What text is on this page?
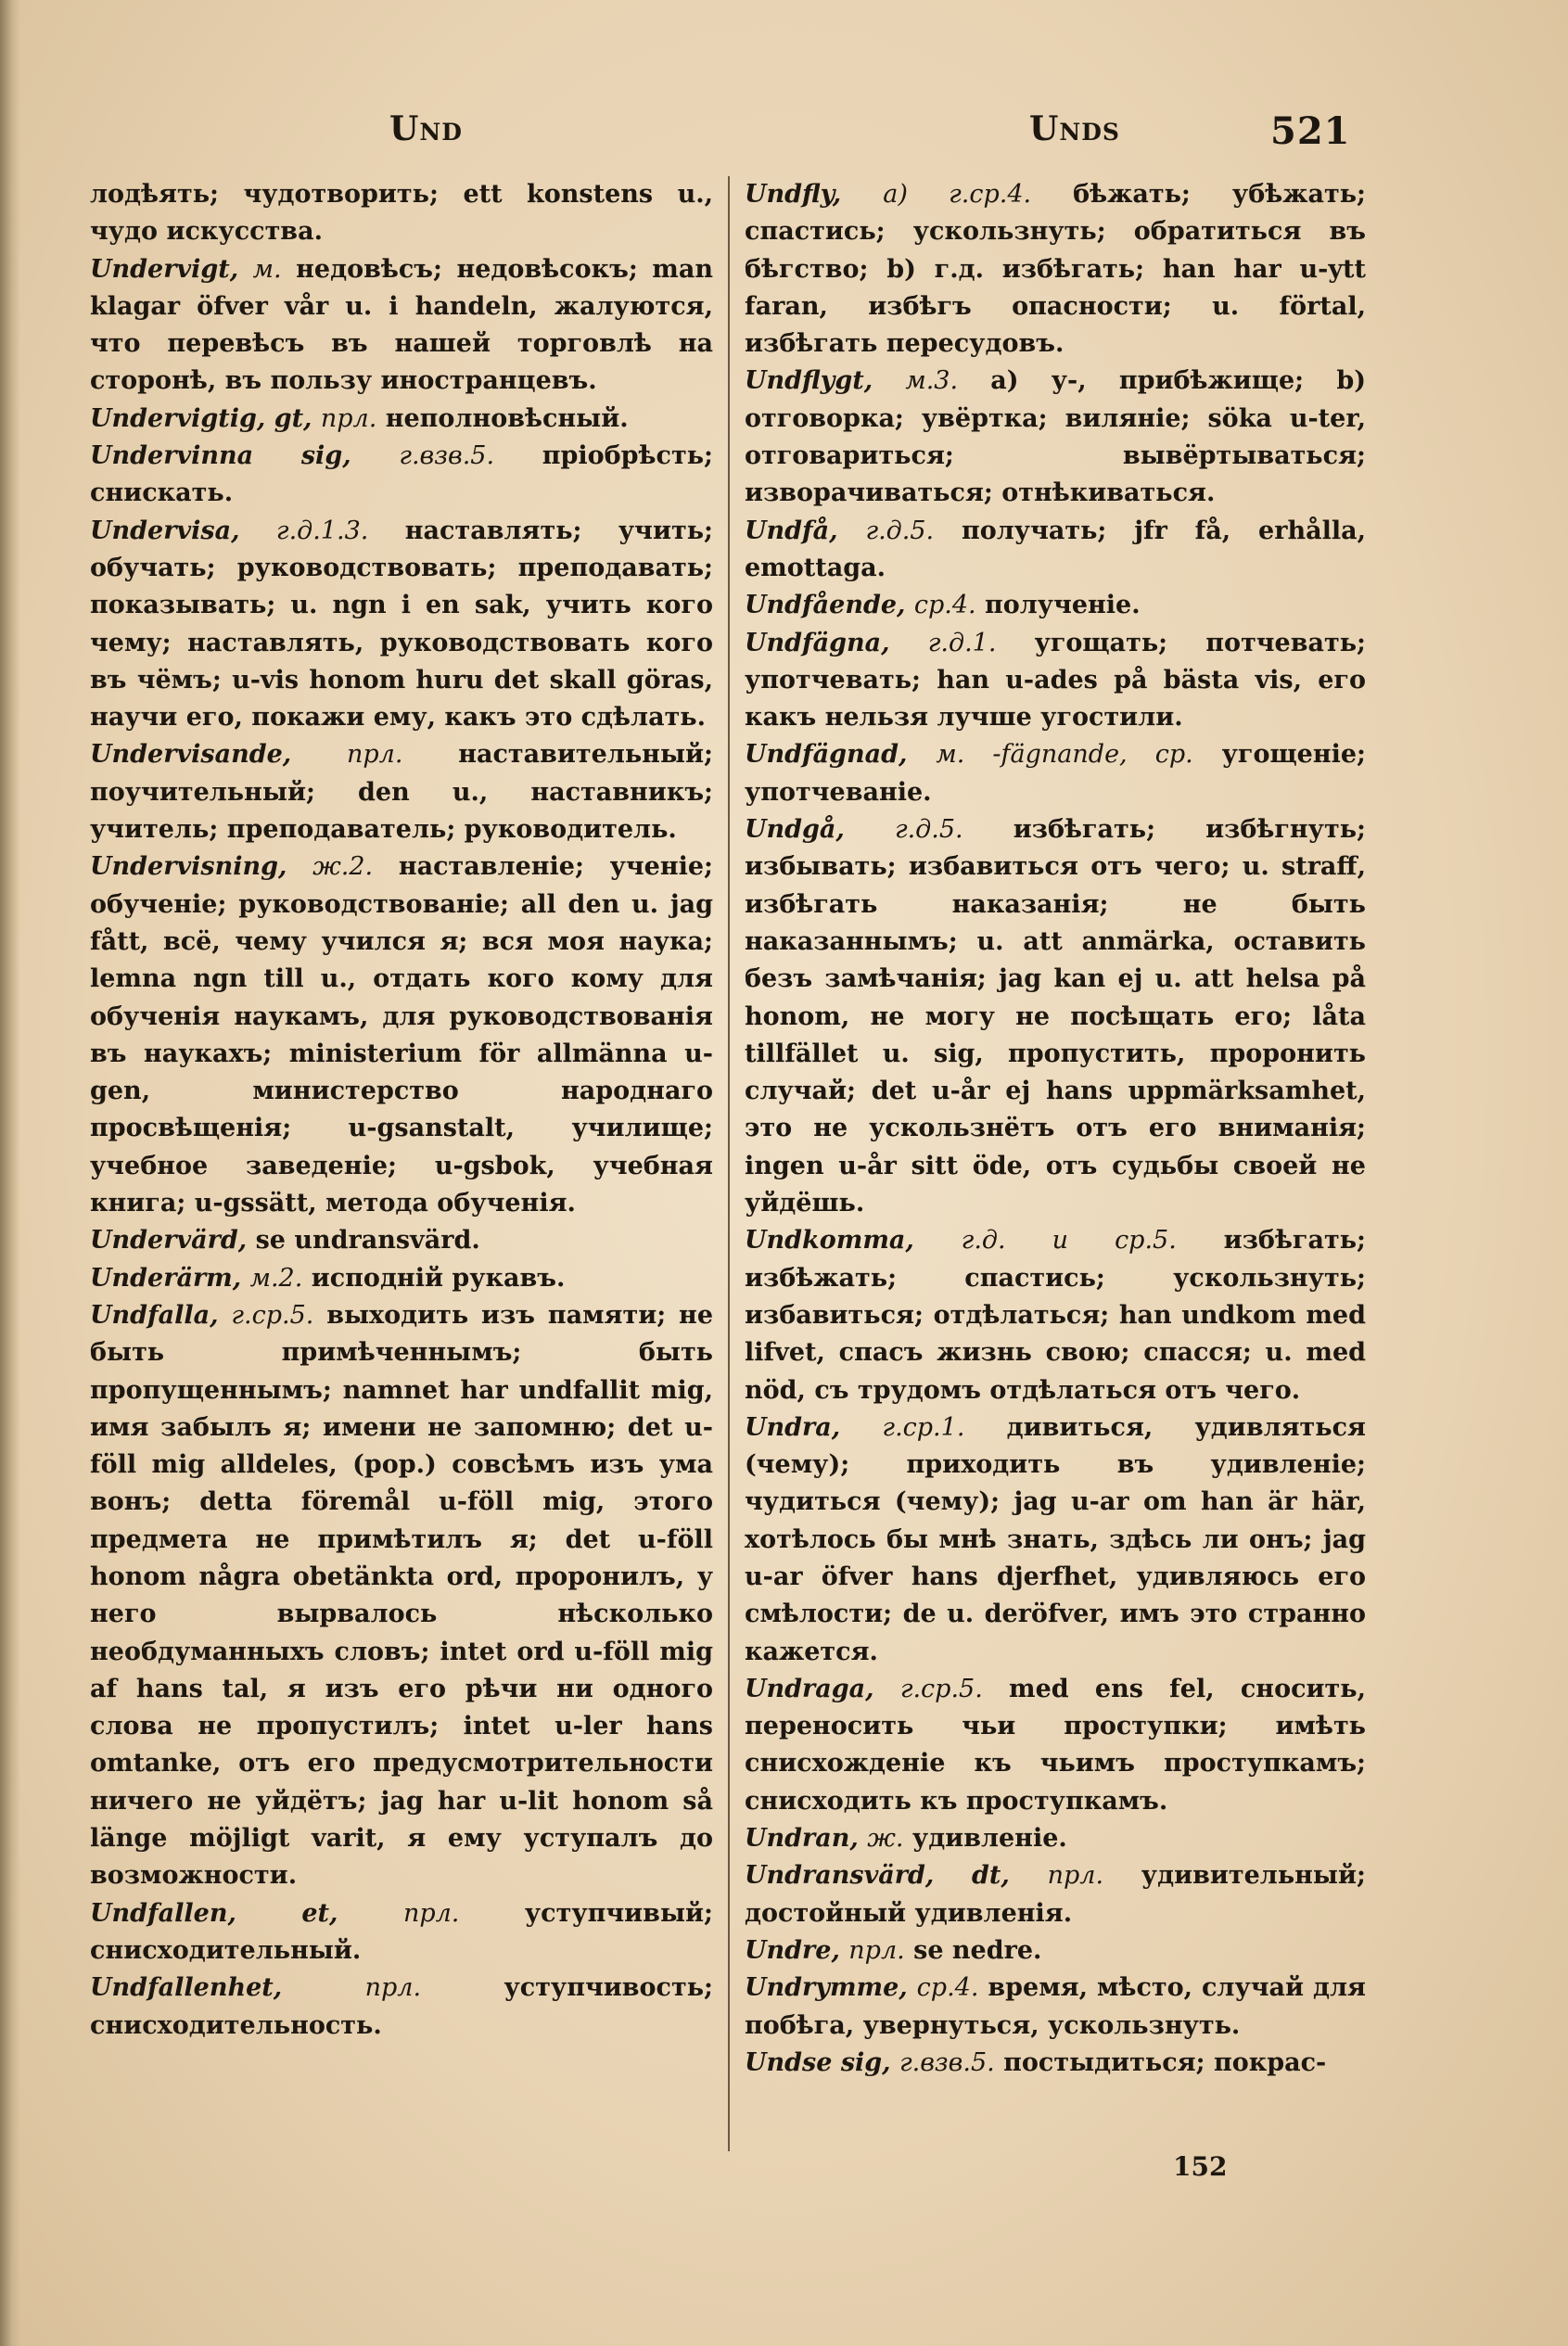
Und	Unds	521

лодѣять; чудотворить; ett konstens u., чудо искусства.

Undervigt, м. недовѣсъ; недовѣсокъ; man klagar öfver vår u. i handeln, жалуются, что перевѣсъ въ нашей торговлѣ на сторонѣ, въ пользу иностранцевъ.

Undervigtig, gt, прл. неполновѣсный.

Undervinna sig, г.взв.5. пріобрѣсть; снискать.

Undervisa, г.д.1.3. наставлять; учить; обучать; руководствовать; преподавать; показывать; u. ngn i en sak, учить кого чему; наставлять, руководствовать кого въ чёмъ; u-vis honom huru det skall göras, научи его, покажи ему, какъ это сдѣлать.

Undervisande, прл. наставительный; поучительный; den u., наставникъ; учитель; преподаватель; руководитель.

Undervisning, ж.2. наставленіе; ученіе; обученіе; руководствованіе; all den u. jag fått, всё, чему учился я; вся моя наука; lemna ngn till u., отдать кого кому для обученія наукамъ, для руководствованія въ наукахъ; ministerium för allmänna u-gen, министерство народнаго просвѣщенія; u-gsanstalt, училище; учебное заведеніе; u-gsbok, учебная книга; u-gssätt, метода обученія.

Undervärd, se undransvärd.

Underärm, м.2. исподній рукавъ.

Undfalla, г.ср.5. выходить изъ памяти; не быть примѣченнымъ; быть пропущеннымъ; namnet har undfallit mig, имя забылъ я; имени не запомню; det u-föll mig alldeles, (рор.) совсѣмъ изъ ума вонъ; detta föremål u-föll mig, этого предмета не примѣтилъ я; det u-föll honom några obetänkta ord, проронилъ, у него вырвалось нѣсколько необдуманныхъ словъ; intet ord u-föll mig af hans tal, я изъ его рѣчи ни одного слова не пропустилъ; intet u-ler hans omtanke, отъ его предусмотрительности ничего не уйдётъ; jag har u-lit honom så länge möjligt varit, я ему уступалъ до возможности.

Undfallen, et,	прл.	уступчивый; снисходительный.

Undfallenhet,	прл.	уступчивость; снисходительность.

Undfly, a) г.ср.4. бѣжать; убѣжать; спастись; ускользнуть; обратиться въ бѣгство; b) г.д. избѣгать; han har u-ytt faran, избѣгъ опасности; u. förtal, избѣгать пересудовъ.

Undflygt, м.3. a) у-, прибѣжище; b) отговорка; увёртка; виляніе; söka u-ter, отговариться; вывёртываться; изворачиваться; отнѣкиваться.

Undfå, г.д.5. получать; jfr få, erhålla, emottaga.

Undfående, ср.4. полученіе.

Undfägna, г.д.1. угощать; потчевать; употчевать; han u-ades på bästa vis, его какъ нельзя лучше угостили.

Undfägnad, м. -fägnande, ср. угощеніе; употчеваніе.

Undgå, г.д.5. избѣгать; избѣгнуть; избывать; избавиться отъ чего; u. straff, избѣгать наказанія; не быть наказаннымъ; u. att anmärka, оставить безъ замѣчанія; jag kan ej u. att helsa på honom, не могу не посѣщать его; låta tillfället u. sig, пропустить, проронить случай; det u-år ej hans uppmärksamhet, это не ускользнётъ отъ его вниманія; ingen u-år sitt öde, отъ судьбы своей не уйдёшь.

Undkomma, г.д. и ср.5. избѣгать; избѣжать; спастись; ускользнуть; избавиться; отдѣлаться; han undkom med lifvet, спасъ жизнь свою; спасся; u. med nöd, съ трудомъ отдѣлаться отъ чего.

Undra, г.ср.1. дивиться, удивляться (чему); приходить въ удивленіе; чудиться (чему); jag u-ar om han är här, хотѣлось бы мнѣ знать, здѣсь ли онъ; jag u-ar öfver hans djerfhet, удивляюсь его смѣлости; de u. deröfver, имъ это странно кажется.

Undraga, г.ср.5. med ens fel, сносить, переносить чьи проступки; имѣть снисхожденіе къ чьимъ проступкамъ; снисходить къ проступкамъ.

Undran, ж. удивленіе.

Undransvärd, dt, прл. удивительный; достойный удивленія.

Undre, прл. se nedre.

Undrymme, ср.4. время, мѣсто, случай для побѣга, увернуться, ускользнуть.

Undse sig, г.взв.5. постыдиться; покрас-

152
